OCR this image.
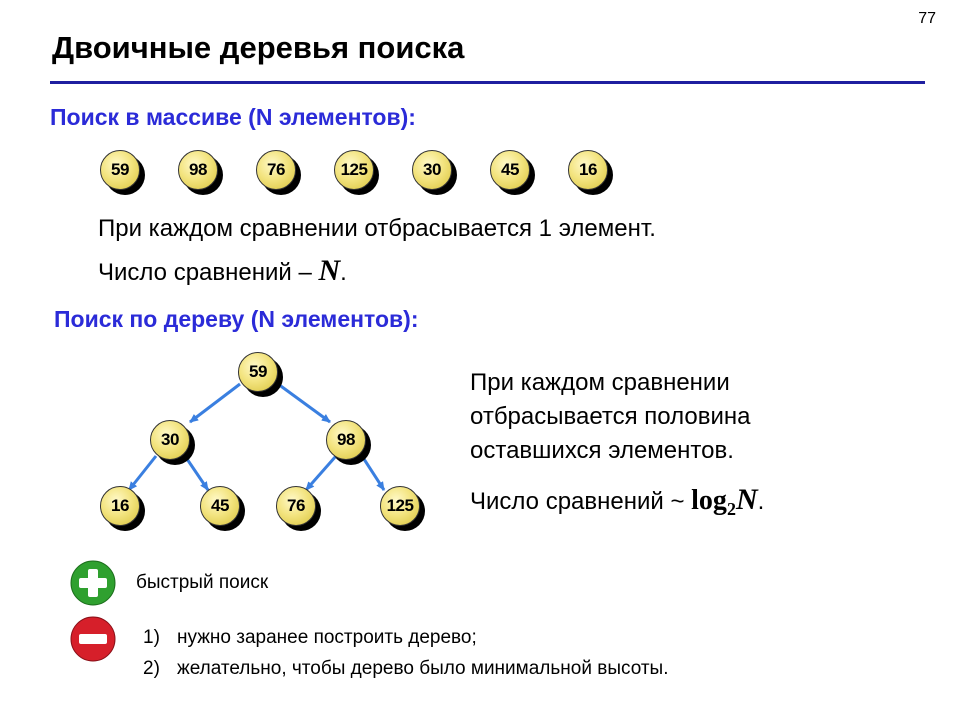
77
Двоичные деревья поиска
Поиск в массиве (N элементов):
59	98	76	125	30	45	16
При каждом сравнении отбрасывается 1 элемент.
Число сравнений – N.
Поиск по дереву (N элементов):
59
30	98
16	45	76	125
При каждом сравнении
отбрасывается половина
оставшихся элементов.
Число сравнений ~ $\log_2N$.
быстрый поиск
1) нужно заранее построить дерево;
2) желательно, чтобы дерево было минимальной высоты.
